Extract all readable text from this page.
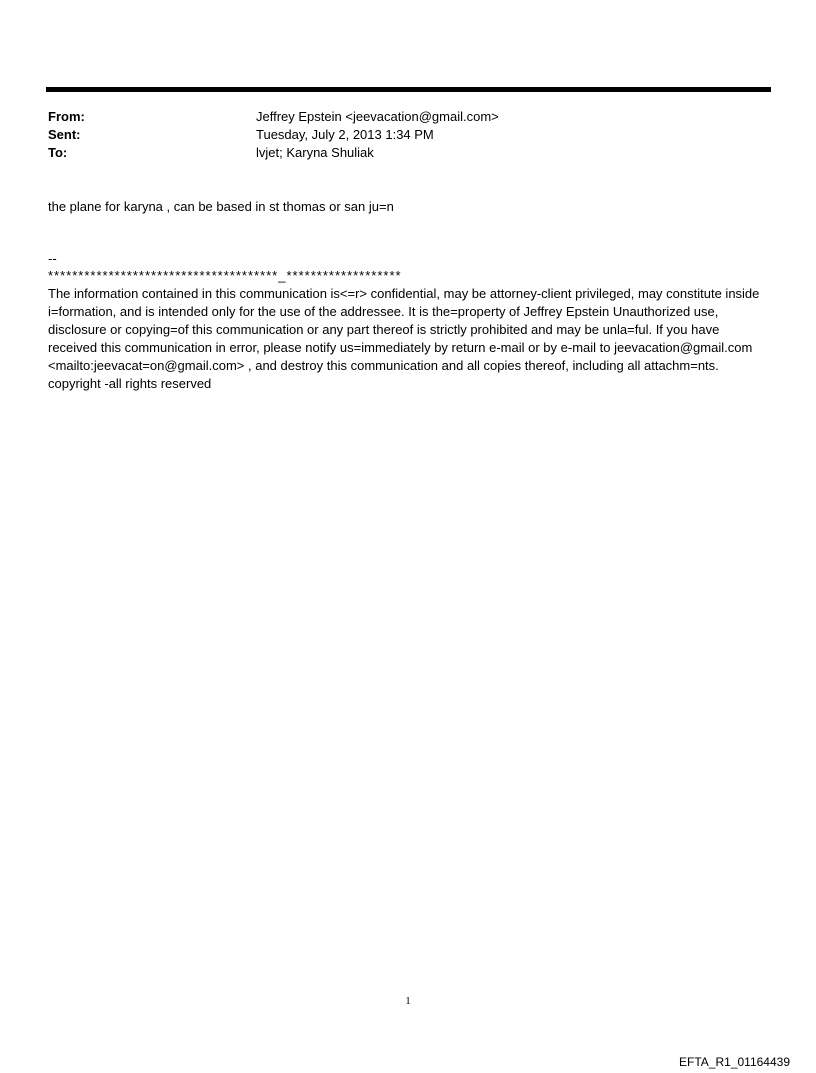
From:	Jeffrey Epstein <jeevacation@gmail.com>
Sent:	Tuesday, July 2, 2013 1:34 PM
To:	lvjet; Karyna Shuliak
the plane for karyna , can be based in st thomas or san ju=n
--
**************************************_*******************

The information contained in this communication is<=r> confidential, may be attorney-client privileged, may constitute inside i=formation, and is intended only for the use of the addressee. It is the=property of Jeffrey Epstein Unauthorized use, disclosure or copying=of this communication or any part thereof is strictly prohibited and may be unla=ful. If you have received this communication in error, please notify us=immediately by return e-mail or by e-mail to jeevacation@gmail.com <mailto:jeevacat=on@gmail.com> , and destroy this communication and all copies thereof, including all attachm=nts. copyright -all rights reserved

1
EFTA_R1_01164439
